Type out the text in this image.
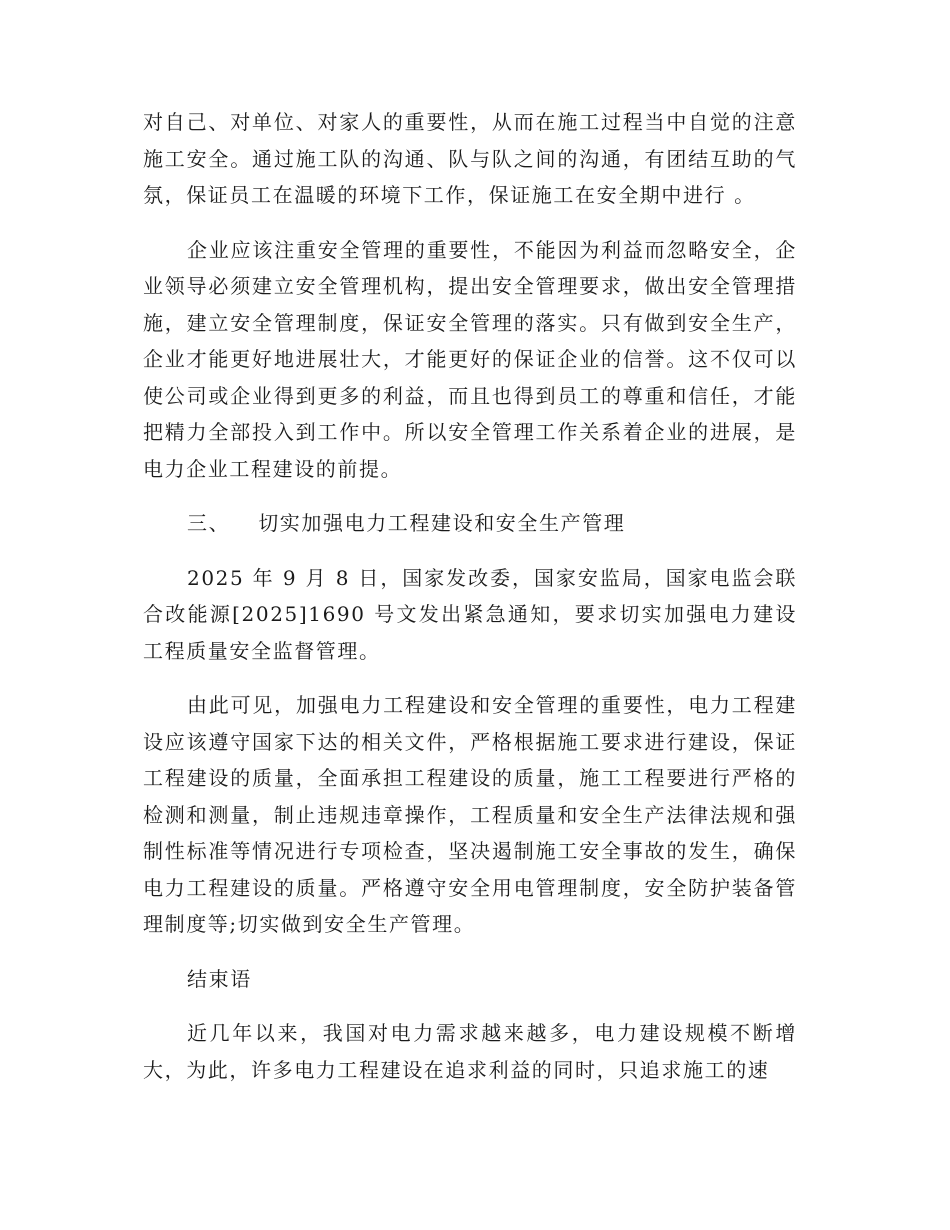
对自己、对单位、对家人的重要性，从而在施工过程当中自觉的注意施工安全。通过施工队的沟通、队与队之间的沟通，有团结互助的气氛，保证员工在温暖的环境下工作，保证施工在安全期中进行 。

企业应该注重安全管理的重要性，不能因为利益而忽略安全，企业领导必须建立安全管理机构，提出安全管理要求，做出安全管理措施，建立安全管理制度，保证安全管理的落实。只有做到安全生产，企业才能更好地进展壮大，才能更好的保证企业的信誉。这不仅可以使公司或企业得到更多的利益，而且也得到员工的尊重和信任，才能把精力全部投入到工作中。所以安全管理工作关系着企业的进展，是电力企业工程建设的前提。

三、 切实加强电力工程建设和安全生产管理

2025 年 9 月 8 日，国家发改委，国家安监局，国家电监会联合改能源[2025]1690 号文发出紧急通知，要求切实加强电力建设工程质量安全监督管理。

由此可见，加强电力工程建设和安全管理的重要性，电力工程建设应该遵守国家下达的相关文件，严格根据施工要求进行建设，保证工程建设的质量，全面承担工程建设的质量，施工工程要进行严格的检测和测量，制止违规违章操作，工程质量和安全生产法律法规和强制性标准等情况进行专项检查，坚决遏制施工安全事故的发生，确保电力工程建设的质量。严格遵守安全用电管理制度，安全防护装备管理制度等;切实做到安全生产管理。

结束语

近几年以来，我国对电力需求越来越多，电力建设规模不断增大，为此，许多电力工程建设在追求利益的同时，只追求施工的速
